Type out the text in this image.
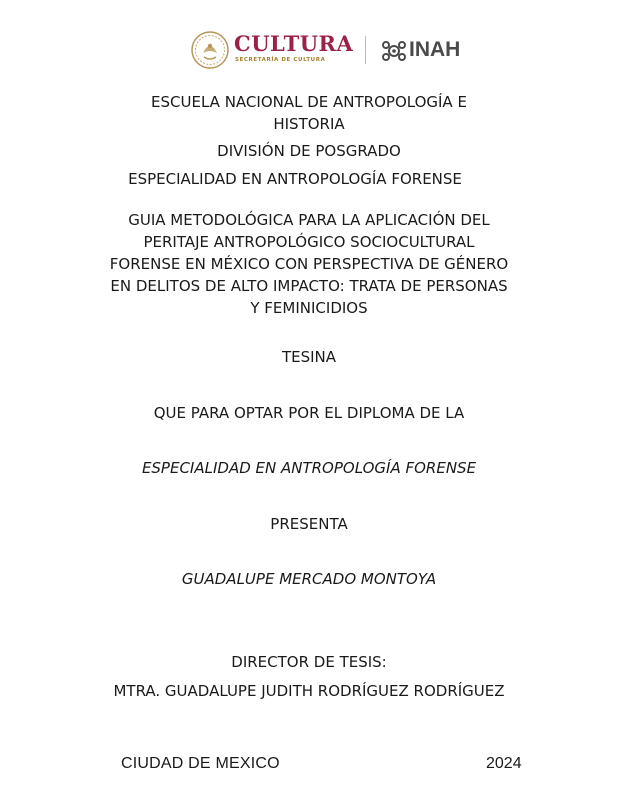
CULTURA
SECRETARÍA DE CULTURA	INAH
ESCUELA NACIONAL DE ANTROPOLOGÍA E HISTORIA
DIVISIÓN DE POSGRADO
ESPECIALIDAD EN ANTROPOLOGÍA FORENSE
GUIA METODOLÓGICA PARA LA APLICACIÓN DEL
PERITAJE ANTROPOLÓGICO SOCIOCULTURAL
FORENSE EN MÉXICO CON PERSPECTIVA DE GÉNERO
EN DELITOS DE ALTO IMPACTO: TRATA DE PERSONAS
Y FEMINICIDIOS
TESINA
QUE PARA OPTAR POR EL DIPLOMA DE LA
ESPECIALIDAD EN ANTROPOLOGÍA FORENSE
PRESENTA
GUADALUPE MERCADO MONTOYA
DIRECTOR DE TESIS:
MTRA. GUADALUPE JUDITH RODRÍGUEZ RODRÍGUEZ
CIUDAD DE MEXICO	2024
